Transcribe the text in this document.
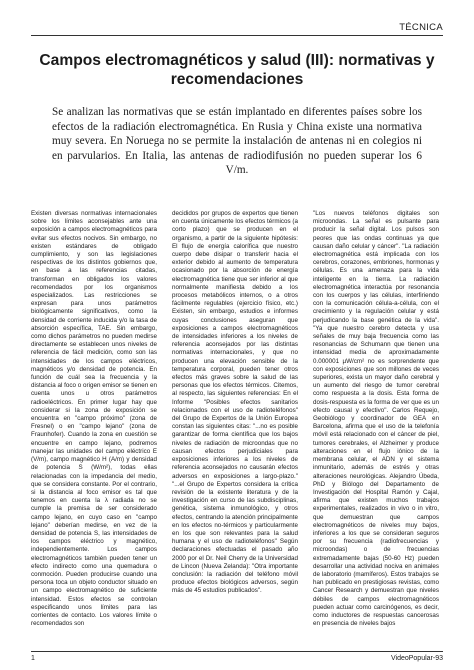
TÉCNICA
Campos electromagnéticos y salud (III): normativas y recomendaciones

Se analizan las normativas que se están implantado en diferentes países sobre los efectos de la radiación electromagnética. En Rusia y China existe una normativa muy severa. En Noruega no se permite la instalación de antenas ni en colegios ni en parvularios. En Italia, las antenas de radiodifusión no pueden superar los 6 V/m.

Existen diversas normativas internacionales sobre los límites aconsejables ante una exposición a campos electromagnéticos para evitar sus efectos nocivos. Sin embargo, no existen estándares de obligado cumplimiento, y son las legislaciones respectivas de los distintos gobiernos que, en base a las referencias citadas, transforman en obligados los valores recomendados por los organismos especializados. Las restricciones se expresan para unos parámetros biológicamente significativos, como la densidad de corriente inducida y/o la tasa de absorción específica, TAE. Sin embargo, como dichos parámetros no pueden medirse directamente se establecen unos niveles de referencia de fácil medición, como son las intensidades de los campos eléctricos, magnéticos y/o densidad de potencia. En función de cuál sea la frecuencia y la distancia al foco o origen emisor se tienen en cuenta unos u otros parámetros radioeléctricos. En primer lugar hay que considerar si la zona de exposición se encuentra en "campo próximo" (zona de Fresnel) o en "campo lejano" (zona de Fraunhofer). Cuando la zona en cuestión se encuentre en campo lejano, podremos manejar las unidades del campo eléctrico E (V/m), campo magnético H (A/m) y densidad de potencia S (W/m²), todas ellas relacionadas con la impedancia del medio, que se considera constante. Por el contrario, si la distancia al foco emisor es tal que tenemos en cuenta la λ radiada no se cumple la premisa de ser considerado campo lejano, en cuyo caso en "campo lejano" deberían medirse, en vez de la densidad de potencia S, las intensidades de los campos eléctrico y magnético, independientemente. Los campos electromagnéticos también pueden tener un efecto indirecto como una quemadura o conmoción. Pueden producirse cuando una persona toca un objeto conductor situado en un campo electromagnético de suficiente intensidad. Estos efectos se controlan especificando unos límites para las corrientes de contacto. Los valores límite o recomendados son

decididos por grupos de expertos que tienen en cuenta únicamente los efectos térmicos (a corto plazo) que se producen en el organismo, a partir de la siguiente hipótesis: El flujo de energía calorífica que nuestro cuerpo debe disipar o transferir hacia el exterior debido al aumento de temperatura ocasionado por la absorción de energía electromagnética tiene que ser inferior al que normalmente manifiesta debido a los procesos metabólicos internos, o a otros fácilmente regulables (ejercicio físico, etc.) Existen, sin embargo, estudios e informes cuyas conclusiones aseguran que exposiciones a campos electromagnéticos de intensidades inferiores a los niveles de referencia aconsejados por las distintas normativas internacionales, y que no producen una elevación sensible de la temperatura corporal, pueden tener otros efectos más graves sobre la salud de las personas que los efectos térmicos. Citemos, al respecto, las siguientes referencias: En el Informe "Posibles efectos sanitarios relacionados con el uso de radioteléfonos" del Grupo de Expertos de la Unión Europea constan las siguientes citas: "...no es posible garantizar de forma científica que los bajos niveles de radiación de microondas que no causan efectos perjudiciales para exposiciones inferiores a los niveles de referencia aconsejados no causarán efectos adversos en exposiciones a largo-plazo." "...el Grupo de Expertos considera la crítica revisión de la existente literatura y de la investigación en curso de las subdisciplinas, genética, sistema inmunológico, y otros efectos, centrando la atención principalmente en los efectos no-térmicos y particularmente en los que son relevantes para la salud humana y el uso de radioteléfonos" Según declaraciones efectuadas el pasado año 2000 por el Dr. Neil Cherry de la Universidad de Lincon (Nueva Zelanda): "Otra importante conclusión: la radiación del teléfono móvil produce efectos biológicos adversos, según más de 45 estudios publicados".

"Los nuevos teléfonos digitales son microondas. La señal es pulsante para producir la señal digital. Los pulsos son peores que las ondas continuas ya que causan daño celular y cáncer". "La radiación electromagnética está implicada con los cerebros, corazones, embriones, hormonas y células. Es una amenaza para la vida inteligente en la tierra. La radiación electromagnética interactúa por resonancia con los cuerpos y las células, interfiriendo con la comunicación célula-a-célula, con el crecimiento y la regulación celular y está perjudicando la base genética de la vida". "Ya que nuestro cerebro detecta y usa señales de muy baja frecuencia como las resonancias de Schumann que tienen una intensidad media de aproximadamente 0.000001 µW/cm² no es sorprendente que con exposiciones que son millones de veces superiores, exista un mayor daño cerebral y un aumento del riesgo de tumor cerebral como respuesta a la dosis. Esta forma de dosis-respuesta es la forma de ver que es un efecto causal y efectivo". Carlos Requejo, Geobiólogo y coordinador de GEA en Barcelona, afirma que el uso de la telefonía móvil está relacionado con el cáncer de piel, tumores cerebrales, el Alzheimer y produce alteraciones en el flujo iónico de la membrana celular, el ADN y el sistema inmunitario, además de estrés y otras alteraciones neurológicas. Alejandro Úbeda, PhD y Biólogo del Departamento de Investigación del Hospital Ramón y Cajal, afirma que existen muchos trabajos experimentales, realizados in vivo o in vitro, que demuestran que campos electromagnéticos de niveles muy bajos, inferiores a los que se consideran seguros por su frecuencia (radiofrecuencias y microondas) o de frecuencias extremadamente bajas (50-60 Hz) pueden desarrollar una actividad nociva en animales de laboratorio (mamíferos). Estos trabajos se han publicado en prestigiosas revistas, como Cancer Research y demuestran que niveles débiles de campos electromagnéticos pueden actuar como carcinógenos, es decir, como inductores de respuestas cancerosas en presencia de niveles bajos

1	VideoPopular-93
